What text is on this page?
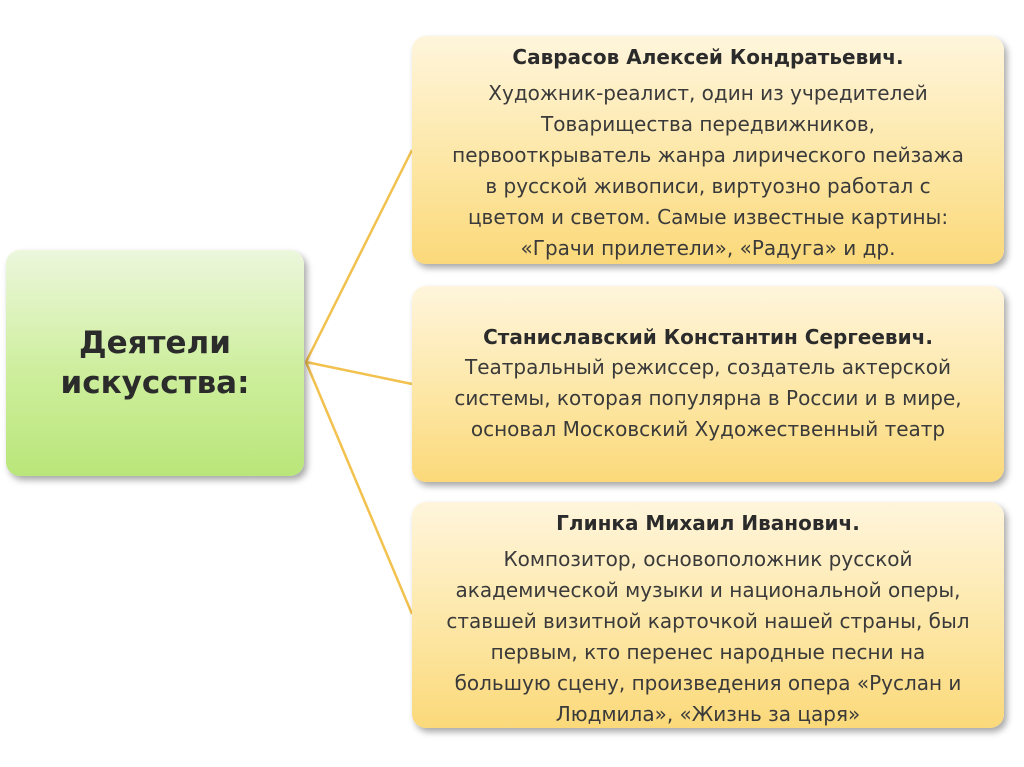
Деятели
искусства:
Саврасов Алексей Кондратьевич.
Художник-реалист, один из учредителей
Товарищества передвижников,
первооткрыватель жанра лирического пейзажа
в русской живописи, виртуозно работал с
цветом и светом. Самые известные картины:
«Грачи прилетели», «Радуга» и др.
Станиславский Константин Сергеевич.
Театральный режиссер, создатель актерской
системы, которая популярна в России и в мире,
основал Московский Художественный театр
Глинка Михаил Иванович.
Композитор, основоположник русской
академической музыки и национальной оперы,
ставшей визитной карточкой нашей страны, был
первым, кто перенес народные песни на
большую сцену, произведения опера «Руслан и
Людмила», «Жизнь за царя»
